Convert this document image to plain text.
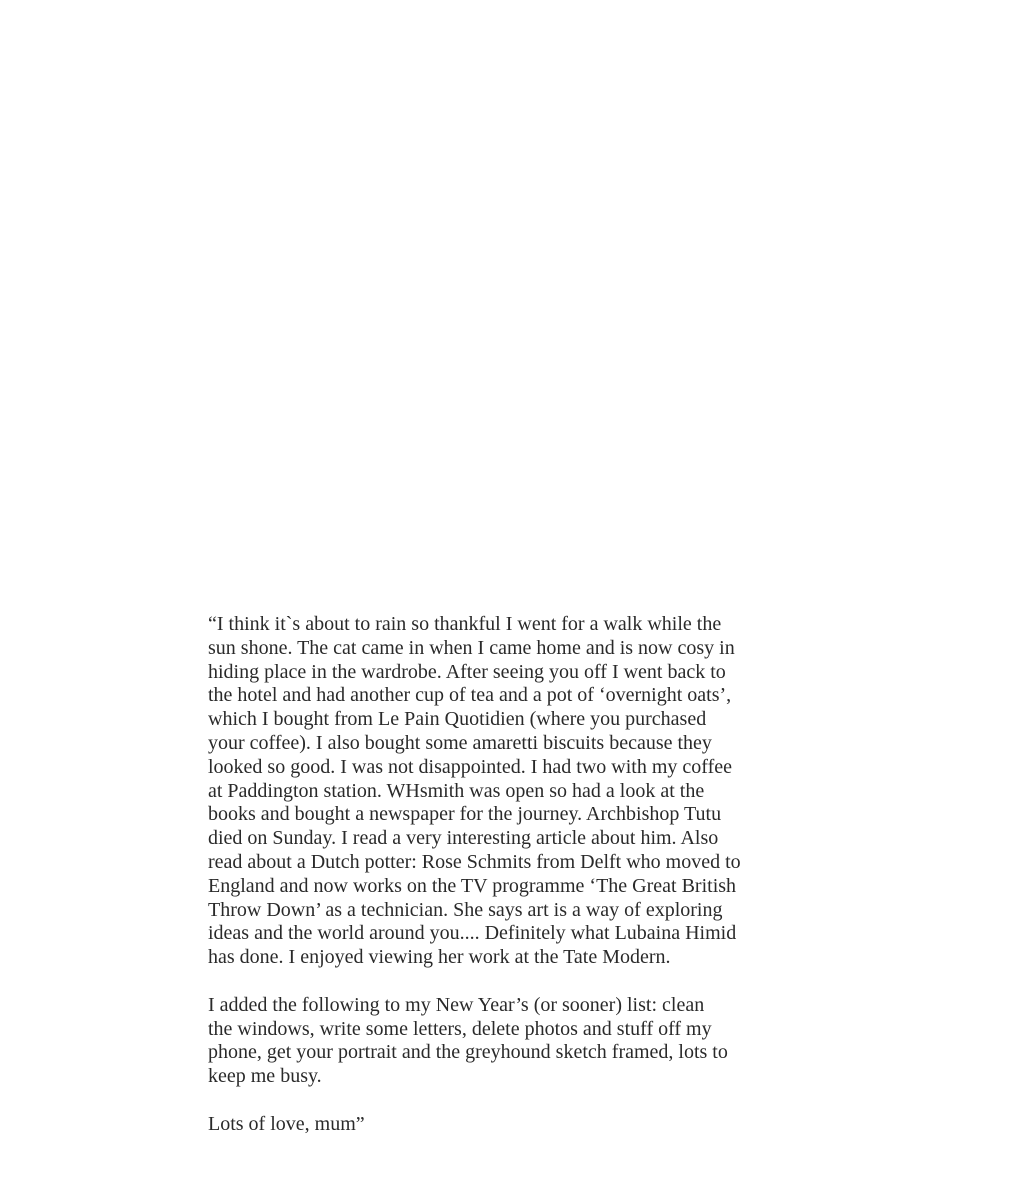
“I think it`s about to rain so thankful I went for a walk while the
sun shone. The cat came in when I came home and is now cosy in
hiding place in the wardrobe. After seeing you off I went back to
the hotel and had another cup of tea and a pot of ‘overnight oats’,
which I bought from Le Pain Quotidien (where you purchased
your coffee). I also bought some amaretti biscuits because they
looked so good. I was not disappointed. I had two with my coffee
at Paddington station. WHsmith was open so had a look at the
books and bought a newspaper for the journey. Archbishop Tutu
died on Sunday. I read a very interesting article about him. Also
read about a Dutch potter: Rose Schmits from Delft who moved to
England and now works on the TV programme ‘The Great British
Throw Down’ as a technician. She says art is a way of exploring
ideas and the world around you.... Definitely what Lubaina Himid
has done. I enjoyed viewing her work at the Tate Modern.

I added the following to my New Year’s (or sooner) list: clean
the windows, write some letters, delete photos and stuff off my
phone, get your portrait and the greyhound sketch framed, lots to
keep me busy.

Lots of love, mum”
